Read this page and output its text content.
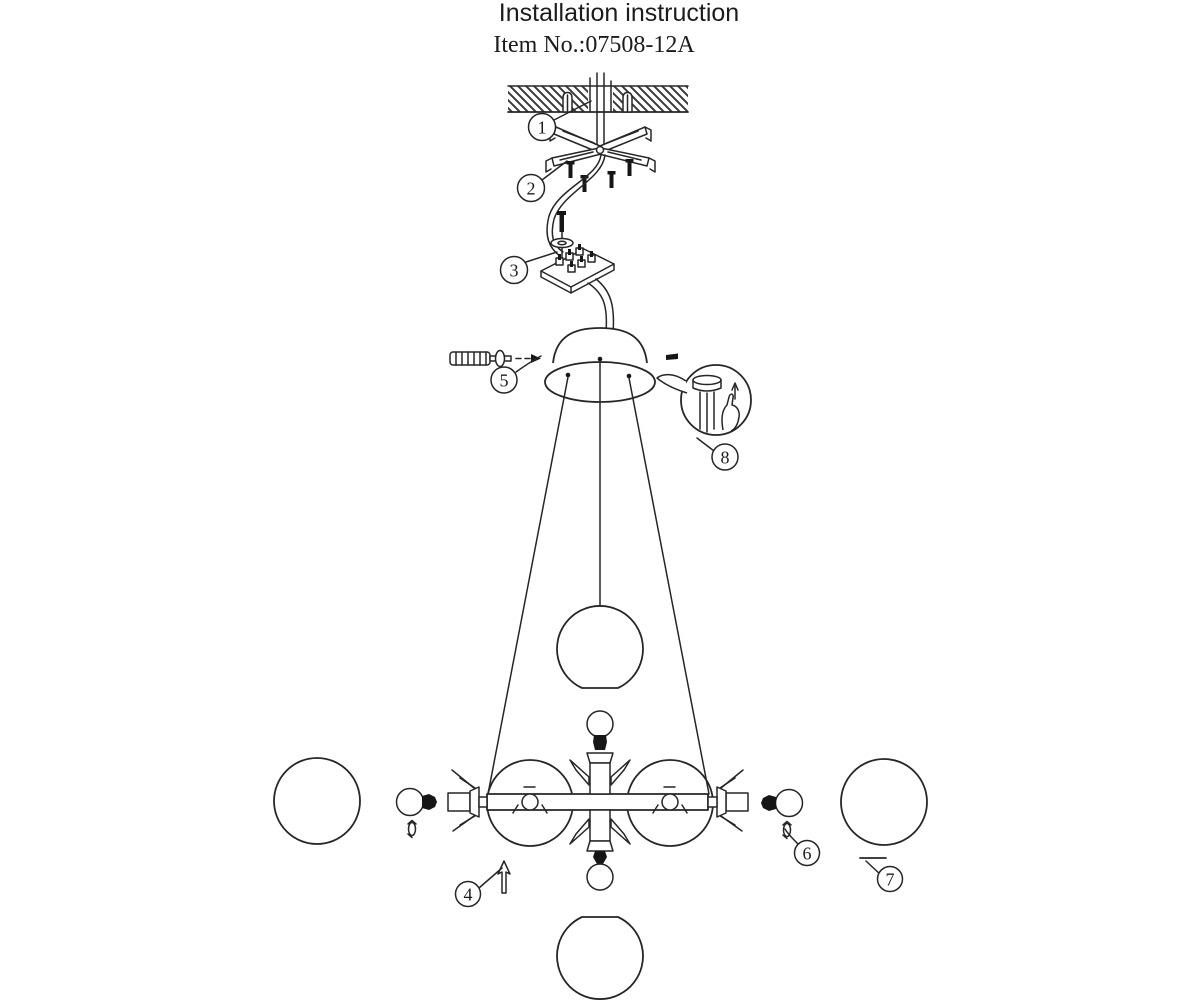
Installation instruction
Item No.:07508-12A
1
2
3
4
5
6
7
8
